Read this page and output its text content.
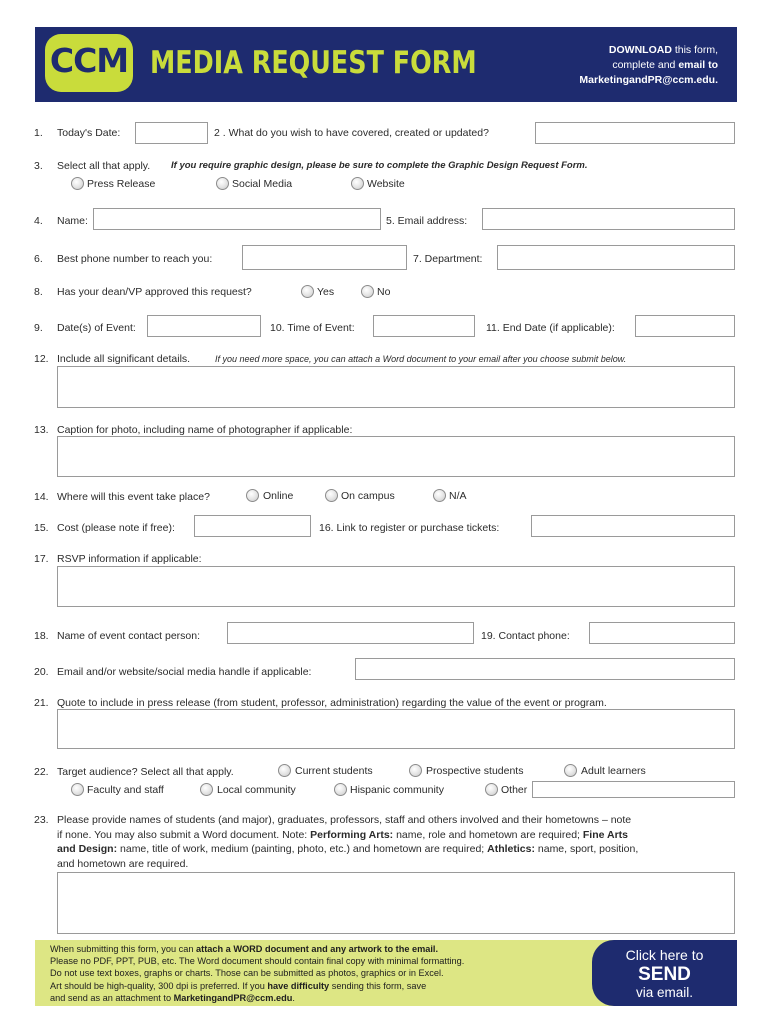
CCM MEDIA REQUEST FORM	DOWNLOAD this form,
complete and email to
MarketingandPR@ccm.edu.
1. Today's Date:	2 . What do you wish to have covered, created or updated?
3. Select all that apply. If you require graphic design, please be sure to complete the Graphic Design Request Form.
Press Release	Social Media	Website
4. Name:	5. Email address:
6. Best phone number to reach you:	7. Department:
8. Has your dean/VP approved this request?	Yes	No
9. Date(s) of Event:	10. Time of Event:	11. End Date (if applicable):
12. Include all significant details.	If you need more space, you can attach a Word document to your email after you choose submit below.
13. Caption for photo, including name of photographer if applicable:
14. Where will this event take place?	Online	On campus	N/A
15. Cost (please note if free):	16. Link to register or purchase tickets:
17. RSVP information if applicable:
18. Name of event contact person:	19. Contact phone:
20. Email and/or website/social media handle if applicable:
21. Quote to include in press release (from student, professor, administration) regarding the value of the event or program.
22. Target audience? Select all that apply.	Current students	Prospective students	Adult learners
Faculty and staff	Local community	Hispanic community	Other
23. Please provide names of students (and major), graduates, professors, staff and others involved and their hometowns – note
if none. You may also submit a Word document. Note: Performing Arts: name, role and hometown are required; Fine Arts
and Design: name, title of work, medium (painting, photo, etc.) and hometown are required; Athletics: name, sport, position,
and hometown are required.
When submitting this form, you can attach a WORD document and any artwork to the email.
Please no PDF, PPT, PUB, etc. The Word document should contain final copy with minimal formatting.
Do not use text boxes, graphs or charts. Those can be submitted as photos, graphics or in Excel.
Art should be high-quality, 300 dpi is preferred. If you have difficulty sending this form, save
and send as an attachment to MarketingandPR@ccm.edu.
Click here to
SEND
via email.
